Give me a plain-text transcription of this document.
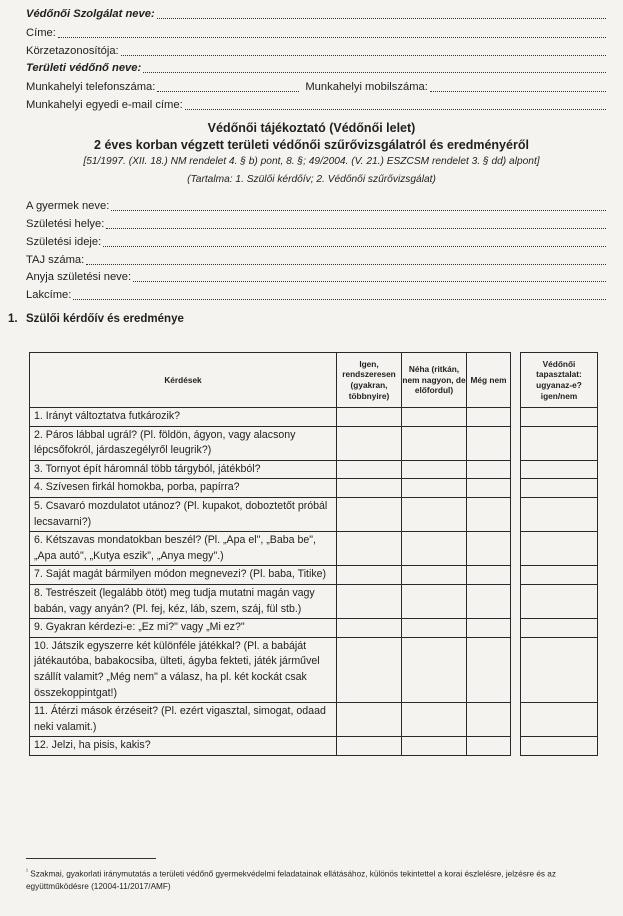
Védőnői Szolgálat neve:
Címe:
Körzetazonosítója:
Területi védőnő neve:
Munkahelyi telefonszáma:	Munkahelyi mobilszáma:
Munkahelyi egyedi e-mail címe:
Védőnői tájékoztató (Védőnői lelet)
2 éves korban végzett területi védőnői szűrővizsgálatról és eredményéről
[51/1997. (XII. 18.) NM rendelet 4. § b) pont, 8. §; 49/2004. (V. 21.) ESZCSM rendelet 3. § dd) alpont]
(Tartalma: 1. Szülői kérdőív; 2. Védőnői szűrővizsgálat)
A gyermek neve:
Születési helye:
Születési ideje:
TAJ száma:
Anyja születési neve:
Lakcíme:
1. Szülői kérdőív és eredménye
Kérdések	Igen, rendszeresen (gyakran, többnyire)	Néha (ritkán, nem nagyon, de előfordul)	Még nem		Védőnői tapasztalat: ugyanaz-e? igen/nem
1. Irányt változtatva futkározik?					
2. Páros lábbal ugrál? (Pl. földön, ágyon, vagy alacsony lépcsőfokról, járdaszegélyről leugrik?)					
3. Tornyot épít háromnál több tárgyból, játékból?					
4. Szívesen firkál homokba, porba, papírra?					
5. Csavaró mozdulatot utánoz? (Pl. kupakot, doboztetőt próbál lecsavarni?)					
6. Kétszavas mondatokban beszél? (Pl. „Apa el", „Baba be", „Apa autó", „Kutya eszik", „Anya megy".)					
7. Saját magát bármilyen módon megnevezi? (Pl. baba, Titike)					
8. Testrészeit (legalább ötöt) meg tudja mutatni magán vagy babán, vagy anyán? (Pl. fej, kéz, láb, szem, száj, fül stb.)					
9. Gyakran kérdezi-e: „Ez mi?" vagy „Mi ez?"					
10. Játszik egyszerre két különféle játékkal? (Pl. a babáját játékautóba, babakocsiba, ülteti, ágyba fekteti, játék járművel szállít valamit? „Még nem" a válasz, ha pl. két kockát csak összekoppintgat!)					
11. Átérzi mások érzéseit? (Pl. ezért vigasztal, simogat, odaad neki valamit.)					
12. Jelzi, ha pisis, kakis?					
$^{^1}$ Szakmai, gyakorlati iránymutatás a területi védőnő gyermekvédelmi feladatainak ellátásához, különös tekintettel a korai észlelésre, jelzésre és az együttműködésre (12004-11/2017/AMF)
